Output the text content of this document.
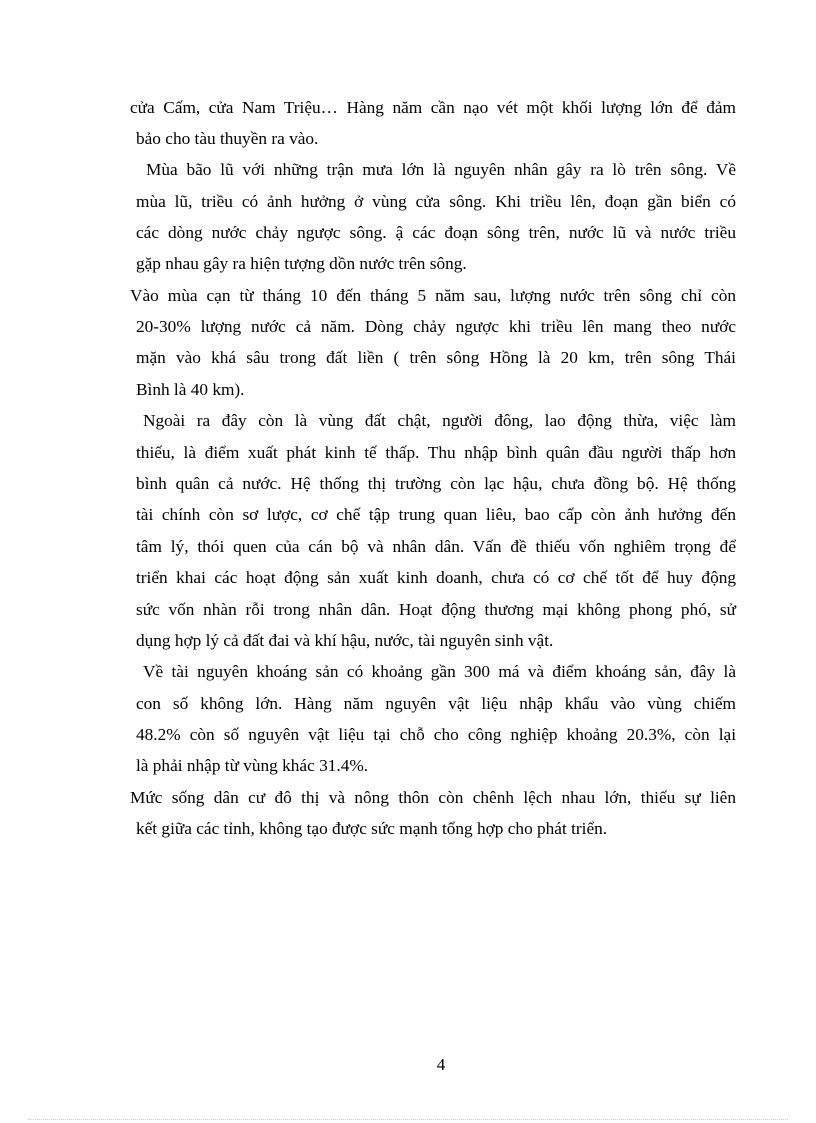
cửa Cấm, cửa Nam Triệu… Hàng năm cần nạo vét một khối lượng lớn để đảm
bảo cho tàu thuyền ra vào.
Mùa bão lũ với những trận mưa lớn là nguyên nhân gây ra lò trên sông. Về
mùa lũ, triều có ảnh hưởng ở vùng cửa sông. Khi triều lên, đoạn gần biển có
các dòng nước chảy ngược sông. ậ các đoạn sông trên, nước lũ và nước triều
gặp nhau gây ra hiện tượng dồn nước trên sông.
Vào mùa cạn từ tháng 10 đến tháng 5 năm sau, lượng nước trên sông chỉ còn
20-30% lượng nước cả năm. Dòng chảy ngược khi triều lên mang theo nước
mặn vào khá sâu trong đất liền ( trên sông Hồng là 20 km, trên sông Thái
Bình là 40 km).
Ngoài ra đây còn là vùng đất chật, người đông, lao động thừa, việc làm
thiếu, là điểm xuất phát kinh tế thấp. Thu nhập bình quân đầu người thấp hơn
bình quân cả nước. Hệ thống thị trường còn lạc hậu, chưa đồng bộ. Hệ thống
tài chính còn sơ lược, cơ chế tập trung quan liêu, bao cấp còn ảnh hưởng đến
tâm lý, thói quen của cán bộ và nhân dân. Vấn đề thiếu vốn nghiêm trọng để
triển khai các hoạt động sản xuất kinh doanh, chưa có cơ chế tốt để huy động
sức vốn nhàn rỗi trong nhân dân. Hoạt động thương mại không phong phó, sử
dụng hợp lý cả đất đai và khí hậu, nước, tài nguyên sinh vật.
Về tài nguyên khoáng sản có khoảng gần 300 má và điểm khoáng sản, đây là
con số không lớn. Hàng năm nguyên vật liệu nhập khẩu vào vùng chiếm
48.2% còn số nguyên vật liệu tại chỗ cho công nghiệp khoảng 20.3%, còn lại
là phải nhập từ vùng khác 31.4%.
Mức sống dân cư đô thị và nông thôn còn chênh lệch nhau lớn, thiếu sự liên
kết giữa các tỉnh, không tạo được sức mạnh tổng hợp cho phát triển.
4
